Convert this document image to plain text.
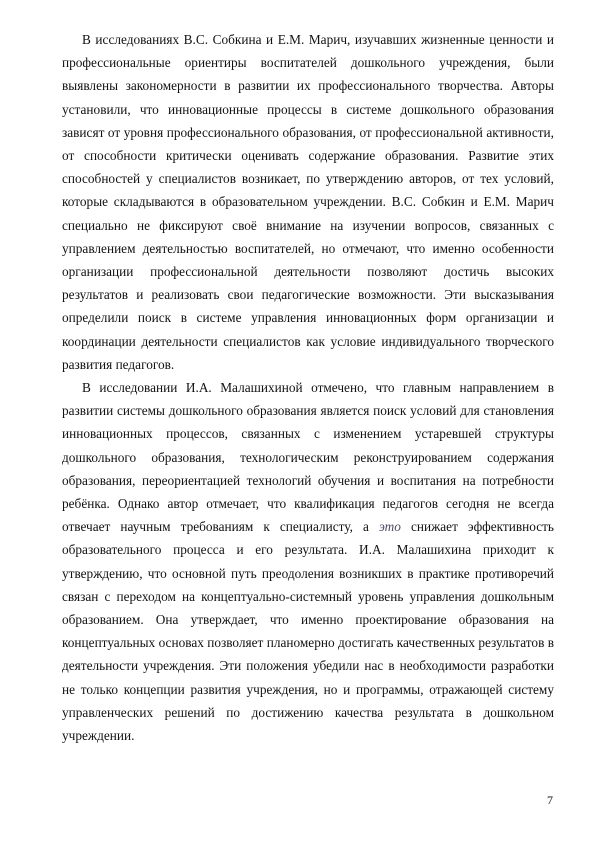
В исследованиях В.С. Собкина и Е.М. Марич, изучавших жизненные ценности и профессиональные ориентиры воспитателей дошкольного учреждения, были выявлены закономерности в развитии их профессионального творчества. Авторы установили, что инновационные процессы в системе дошкольного образования зависят от уровня профессионального образования, от профессиональной активности, от способности критически оценивать содержание образования. Развитие этих способностей у специалистов возникает, по утверждению авторов, от тех условий, которые складываются в образовательном учреждении. В.С. Собкин и Е.М. Марич специально не фиксируют своё внимание на изучении вопросов, связанных с управлением деятельностью воспитателей, но отмечают, что именно особенности организации профессиональной деятельности позволяют достичь высоких результатов и реализовать свои педагогические возможности. Эти высказывания определили поиск в системе управления инновационных форм организации и координации деятельности специалистов как условие индивидуального творческого развития педагогов.

В исследовании И.А. Малашихиной отмечено, что главным направлением в развитии системы дошкольного образования является поиск условий для становления инновационных процессов, связанных с изменением устаревшей структуры дошкольного образования, технологическим реконструированием содержания образования, переориентацией технологий обучения и воспитания на потребности ребёнка. Однако автор отмечает, что квалификация педагогов сегодня не всегда отвечает научным требованиям к специалисту, а это снижает эффективность образовательного процесса и его результата. И.А. Малашихина приходит к утверждению, что основной путь преодоления возникших в практике противоречий связан с переходом на концептуально-системный уровень управления дошкольным образованием. Она утверждает, что именно проектирование образования на концептуальных основах позволяет планомерно достигать качественных результатов в деятельности учреждения. Эти положения убедили нас в необходимости разработки не только концепции развития учреждения, но и программы, отражающей систему управленческих решений по достижению качества результата в дошкольном учреждении.

7
